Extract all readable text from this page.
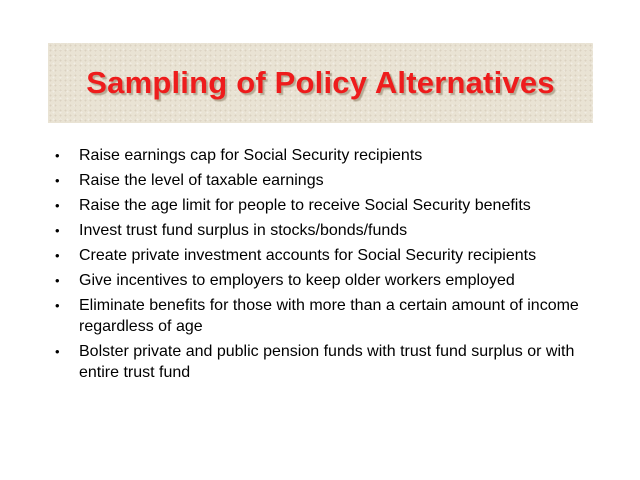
Sampling of Policy Alternatives
• Raise earnings cap for Social Security recipients
• Raise the level of taxable earnings
• Raise the age limit for people to receive Social Security benefits
• Invest trust fund surplus in stocks/bonds/funds
• Create private investment accounts for Social Security recipients
• Give incentives to employers to keep older workers employed
• Eliminate benefits for those with more than a certain amount of income regardless of age
• Bolster private and public pension funds with trust fund surplus or with entire trust fund
